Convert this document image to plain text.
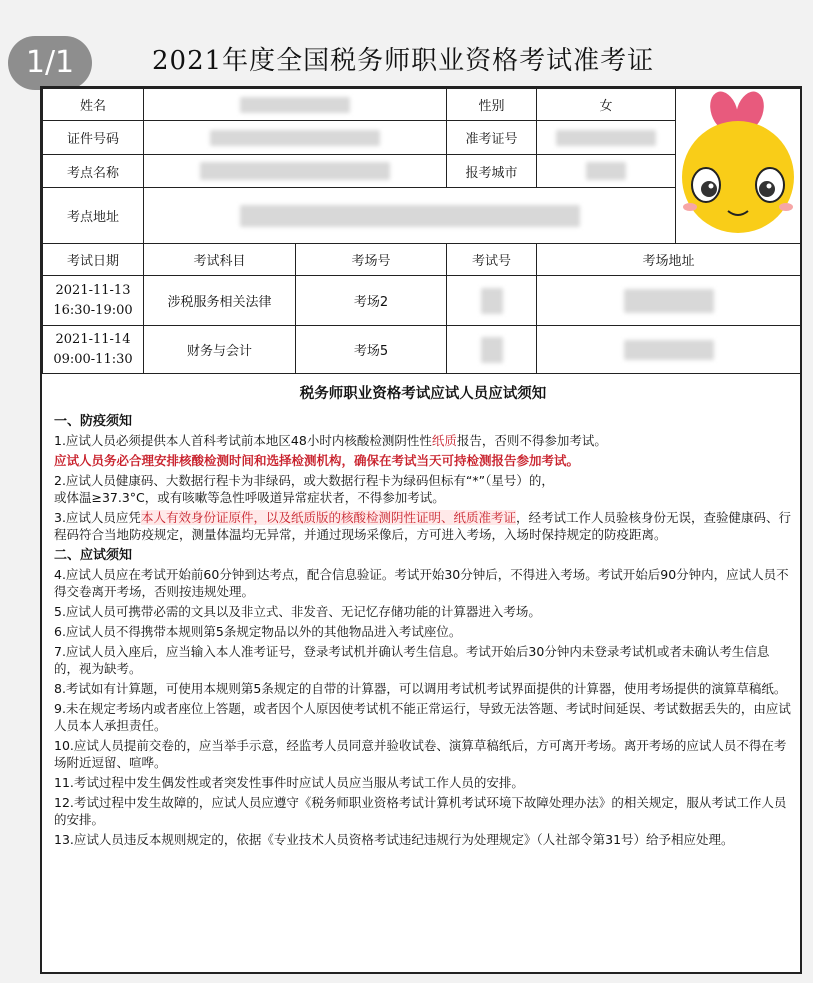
1/1	2021年度全国税务师职业资格考试准考证
姓名			性别	女	
证件号码			准考证号		
考点名称			报考城市		
考点地址					
考试日期	考试科目	考场号	考试号	考场地址	

2021-11-13
16:30-19:00	涉税服务相关法律	考场2			

2021-11-14
09:00-11:30	财务与会计	考场5			
税务师职业资格考试应试人员应试须知
一、防疫须知

1.应试人员必须提供本人首科考试前本地区48小时内核酸检测阴性性纸质报告，否则不得参加考试。

应试人员务必合理安排核酸检测时间和选择检测机构，确保在考试当天可持检测报告参加考试。

2.应试人员健康码、大数据行程卡为非绿码，或大数据行程卡为绿码但标有“*”（星号）的，
或体温≥37.3°C，或有咳嗽等急性呼吸道异常症状者，不得参加考试。

3.应试人员应凭本人有效身份证原件，以及纸质版的核酸检测阴性证明、纸质准考证，经考试工作人员验核身份无误，查验健康码、行程码符合当地防疫规定，测量体温均无异常，并通过现场采像后，方可进入考场，入场时保持规定的防疫距离。

二、应试须知

4.应试人员应在考试开始前60分钟到达考点，配合信息验证。考试开始30分钟后，不得进入考场。考试开始后90分钟内，应试人员不得交卷离开考场，否则按违规处理。

5.应试人员可携带必需的文具以及非立式、非发音、无记忆存储功能的计算器进入考场。

6.应试人员不得携带本规则第5条规定物品以外的其他物品进入考试座位。

7.应试人员入座后，应当输入本人准考证号，登录考试机并确认考生信息。考试开始后30分钟内未登录考试机或者未确认考生信息的，视为缺考。

8.考试如有计算题，可使用本规则第5条规定的自带的计算器，可以调用考试机考试界面提供的计算器，使用考场提供的演算草稿纸。

9.未在规定考场内或者座位上答题，或者因个人原因使考试机不能正常运行，导致无法答题、考试时间延误、考试数据丢失的，由应试人员本人承担责任。

10.应试人员提前交卷的，应当举手示意，经监考人员同意并验收试卷、演算草稿纸后，方可离开考场。离开考场的应试人员不得在考场附近逗留、喧哗。

11.考试过程中发生偶发性或者突发性事件时应试人员应当服从考试工作人员的安排。

12.考试过程中发生故障的，应试人员应遵守《税务师职业资格考试计算机考试环境下故障处理办法》的相关规定，服从考试工作人员的安排。

13.应试人员违反本规则规定的，依据《专业技术人员资格考试违纪违规行为处理规定》（人社部令第31号）给予相应处理。
